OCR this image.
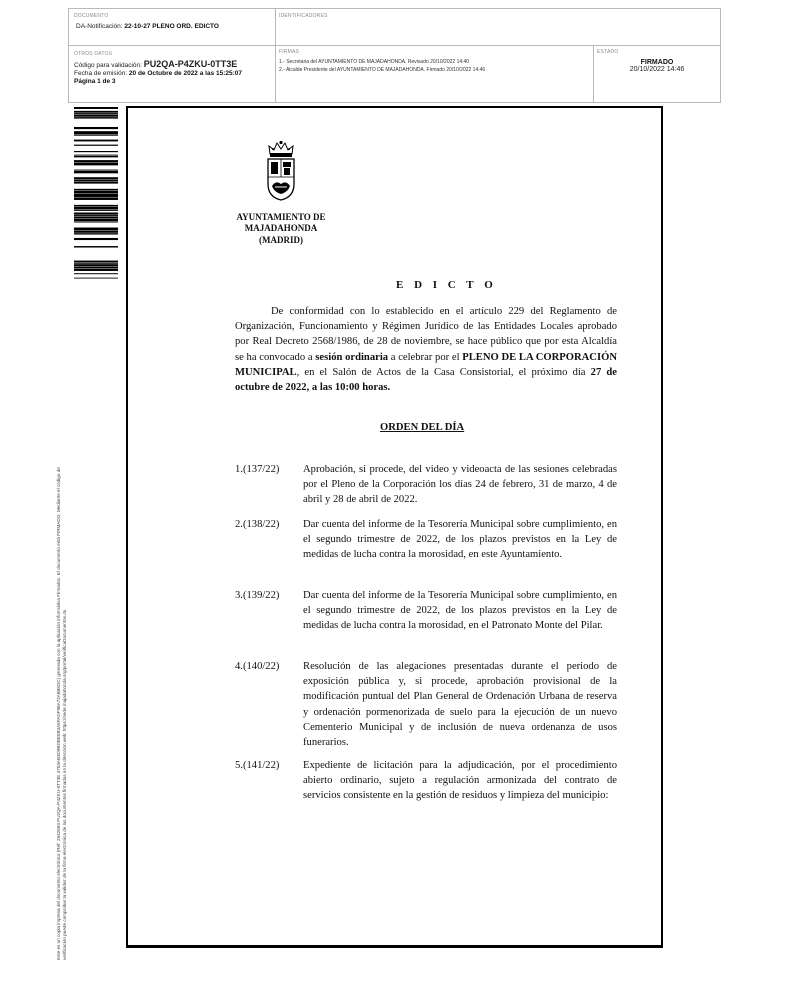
DOCUMENTO
DA-Notificación: 22-10-27 PLENO ORD. EDICTO
IDENTIFICADORES
OTROS DATOS
Código para validación: PU2QA-P4ZKU-0TT3E
Fecha de emisión: 20 de Octubre de 2022 a las 15:25:07
Página 1 de 3
FIRMAS
1.- Secretaria del AYUNTAMIENTO DE MAJADAHONDA. Revisado 20/10/2022 14:40
2.- Alcalde Presidente del AYUNTAMIENTO DE MAJADAHONDA. Firmado 20/10/2022 14:46
ESTADO
FIRMADO
20/10/2022 14:46
Este es un copia impresa del documento electrónico (Ref: 2942693 PU2QA-P4ZKU-0TT3E 4753AB3D9BDBE5B3A5FADF98A72A6B5DC) generada con la aplicación informática Firmadoc. El documento está FIRMADO. Mediante el código de verificación puede comprobar la validez de la firma electrónica de los documentos firmados en la dirección web: https://sede.majadahonda.org/portal/verificaDocumentos.do
AYUNTAMIENTO DE
MAJADAHONDA
(MADRID)
E D I C T O
De conformidad con lo establecido en el artículo 229 del Reglamento de Organización, Funcionamiento y Régimen Jurídico de las Entidades Locales aprobado por Real Decreto 2568/1986, de 28 de noviembre, se hace público que por esta Alcaldía se ha convocado a sesión ordinaria a celebrar por el PLENO DE LA CORPORACIÓN MUNICIPAL, en el Salón de Actos de la Casa Consistorial, el próximo día 27 de octubre de 2022, a las 10:00 horas.
ORDEN DEL DÍA
1.(137/22) Aprobación, si procede, del video y videoacta de las sesiones celebradas por el Pleno de la Corporación los días 24 de febrero, 31 de marzo, 4 de abril y 28 de abril de 2022.
2.(138/22) Dar cuenta del informe de la Tesorería Municipal sobre cumplimiento, en el segundo trimestre de 2022, de los plazos previstos en la Ley de medidas de lucha contra la morosidad, en este Ayuntamiento.
3.(139/22) Dar cuenta del informe de la Tesorería Municipal sobre cumplimiento, en el segundo trimestre de 2022, de los plazos previstos en la Ley de medidas de lucha contra la morosidad, en el Patronato Monte del Pilar.
4.(140/22) Resolución de las alegaciones presentadas durante el periodo de exposición pública y, si procede, aprobación provisional de la modificación puntual del Plan General de Ordenación Urbana de reserva y ordenación pormenorizada de suelo para la ejecución de un nuevo Cementerio Municipal y de inclusión de nueva ordenanza de usos funerarios.
5.(141/22) Expediente de licitación para la adjudicación, por el procedimiento abierto ordinario, sujeto a regulación armonizada del contrato de servicios consistente en la gestión de residuos y limpieza del municipio:
